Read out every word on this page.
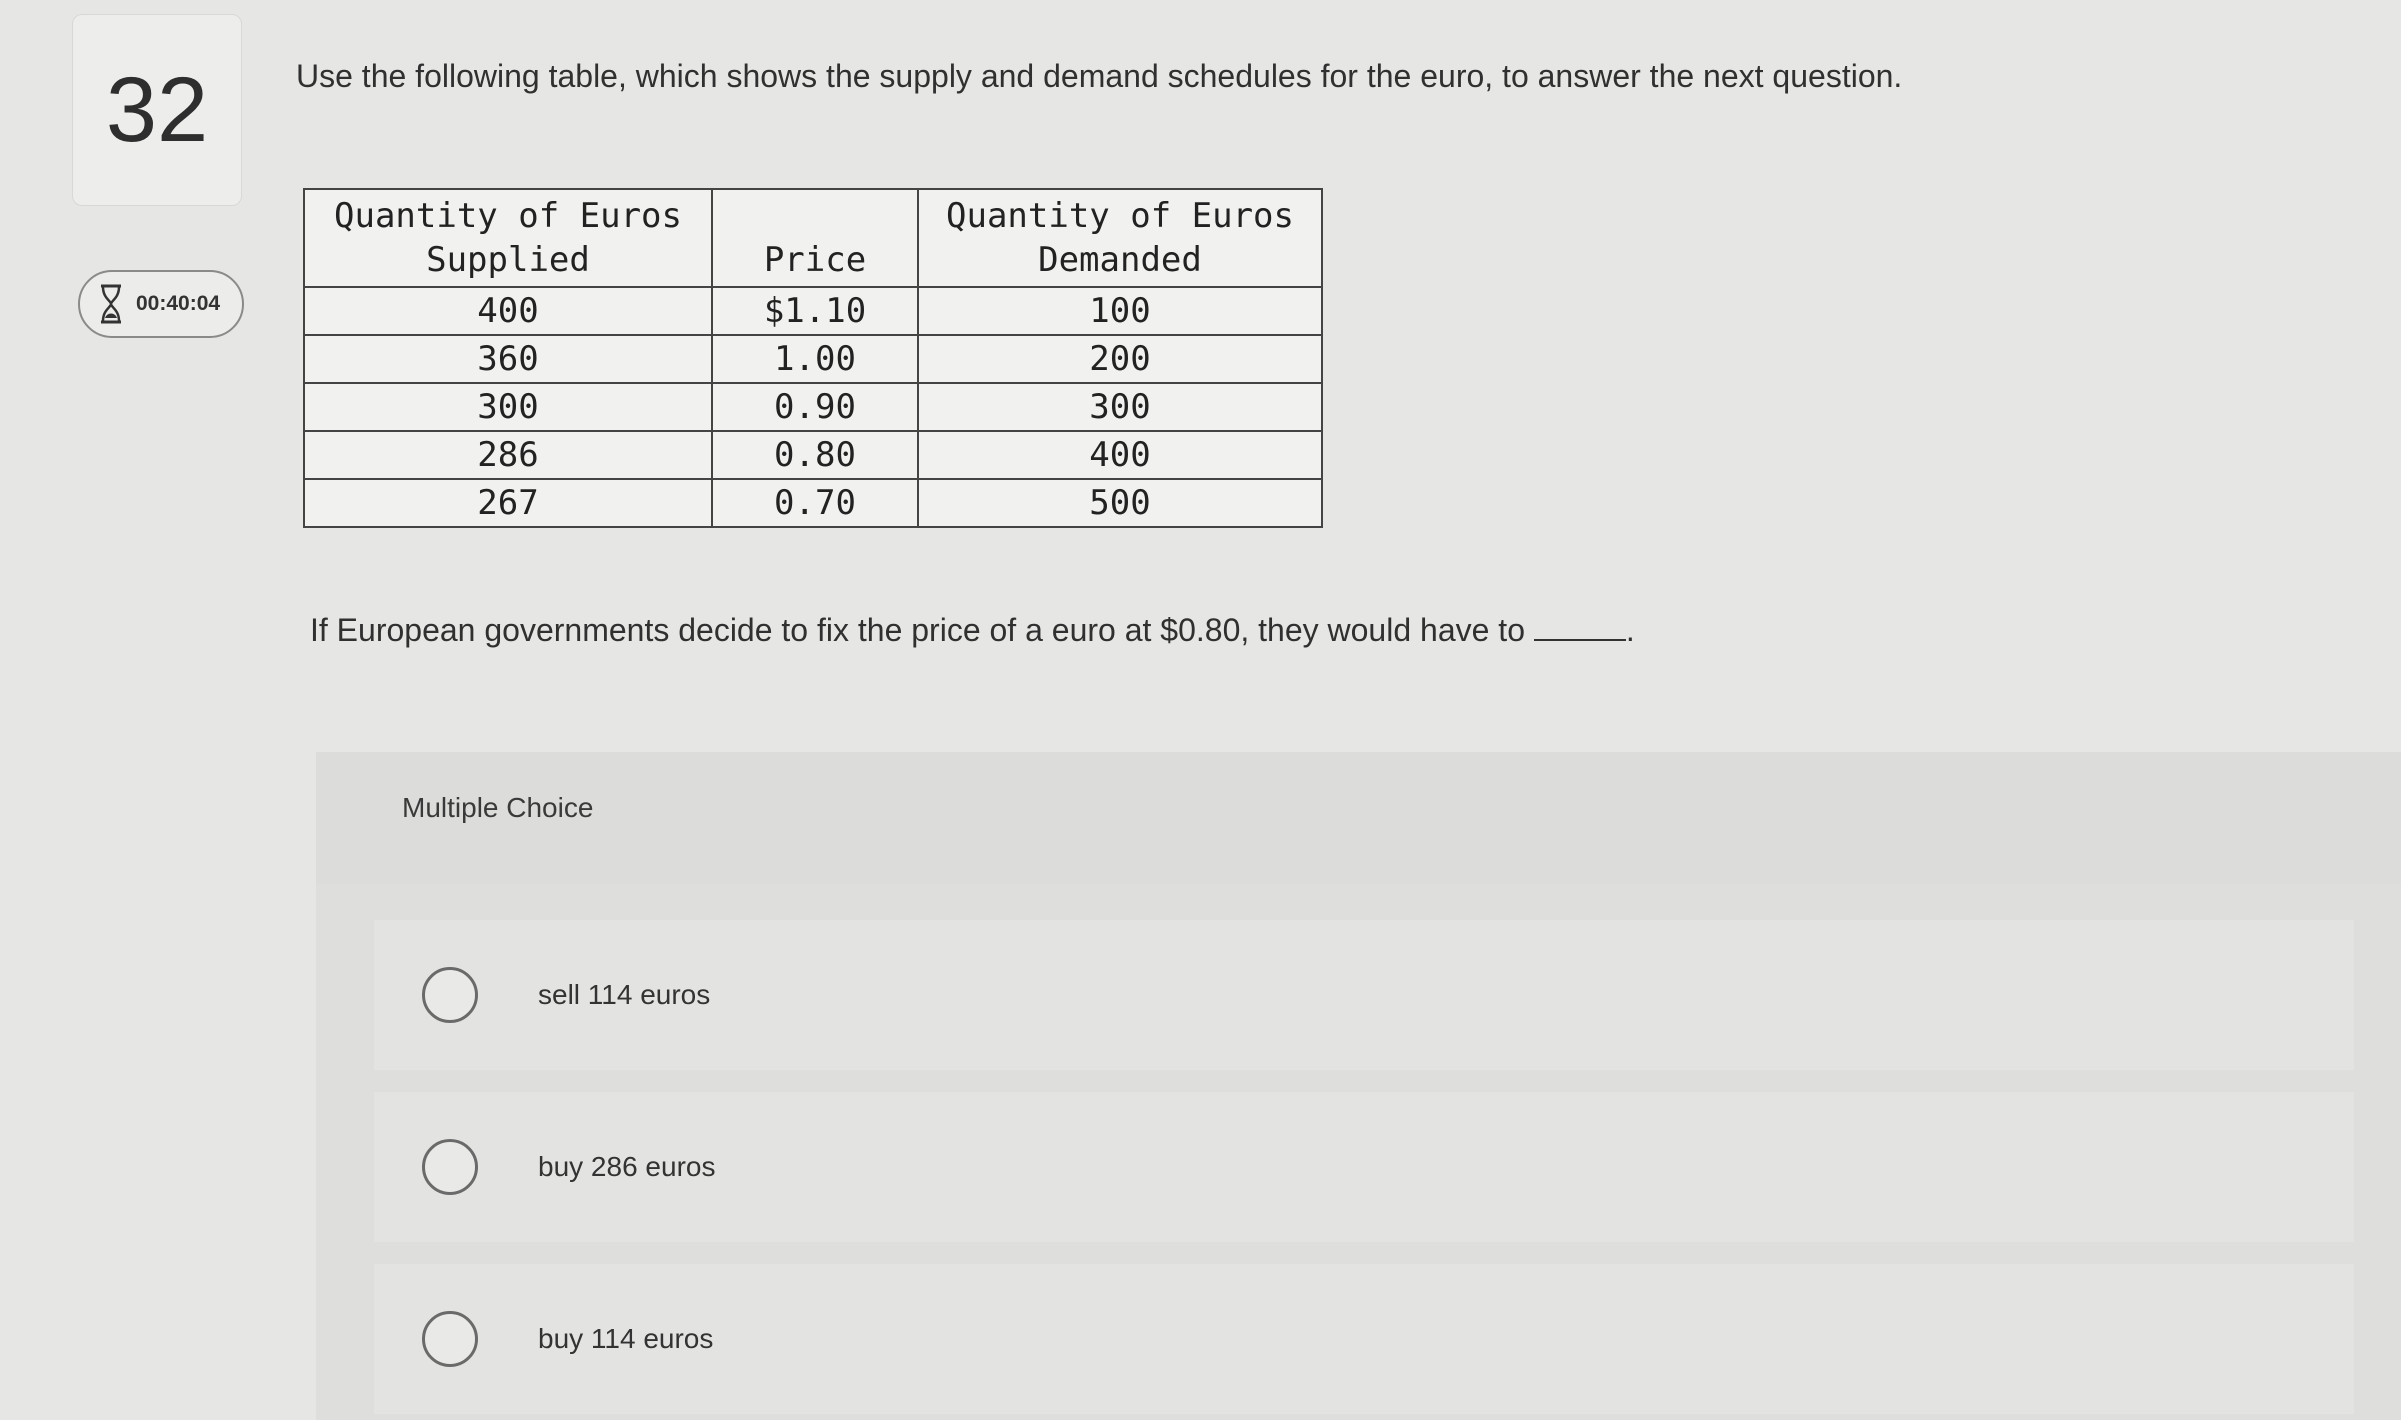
32
00:40:04

Use the following table, which shows the supply and demand schedules for the euro, to answer the next question.

Quantity of Euros Supplied	Price	Quantity of Euros Demanded
400	$1.10	100
360	1.00	200
300	0.90	300
286	0.80	400
267	0.70	500

If European governments decide to fix the price of a euro at $0.80, they would have to	.

Multiple Choice
sell 114 euros
buy 286 euros
buy 114 euros
